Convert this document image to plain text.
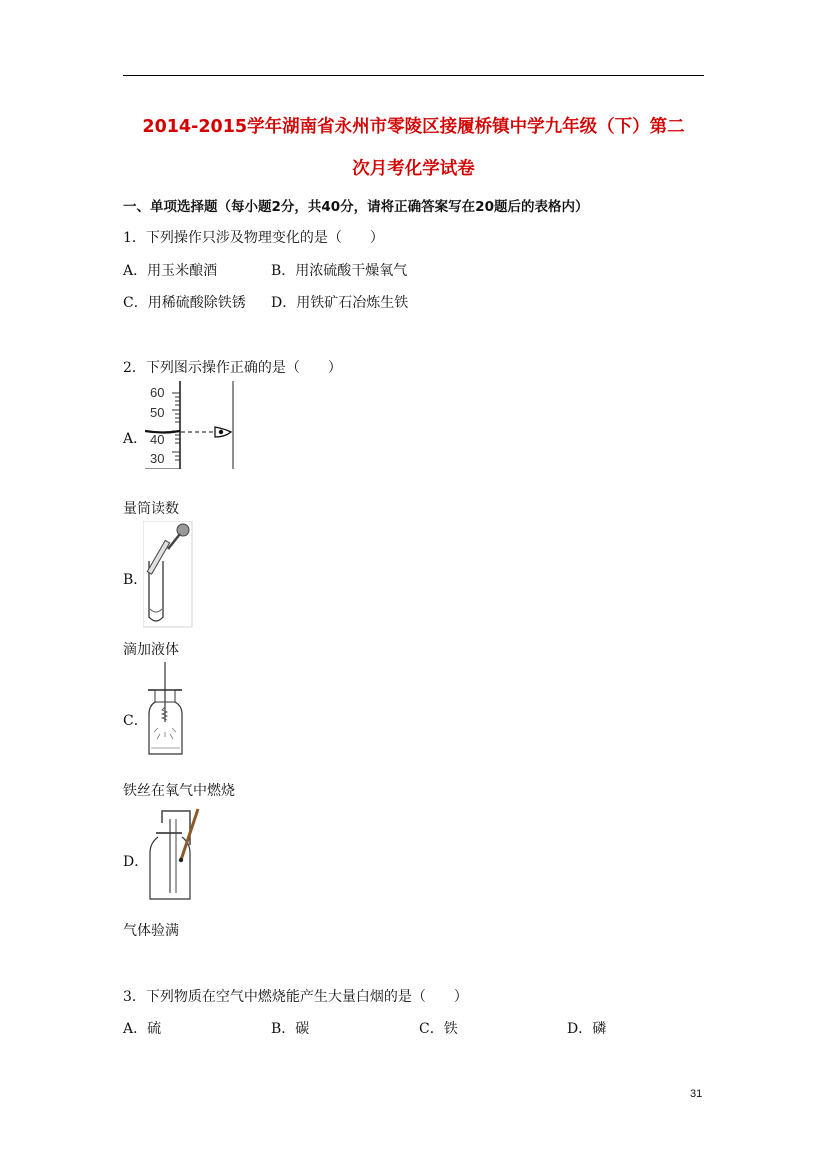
2014-2015学年湖南省永州市零陵区接履桥镇中学九年级（下）第二
次月考化学试卷
一、单项选择题（每小题2分，共40分，请将正确答案写在20题后的表格内）
1．下列操作只涉及物理变化的是（　　）
A．用玉米酿酒	B．用浓硫酸干燥氧气
C．用稀硫酸除铁锈 D．用铁矿石冶炼生铁
2．下列图示操作正确的是（　　）
A．
60
50
40
30
量筒读数
B．
滴加液体
C．
铁丝在氧气中燃烧
D．
气体验满
3．下列物质在空气中燃烧能产生大量白烟的是（　　）
A．硫	B．碳	C．铁	D．磷
31
